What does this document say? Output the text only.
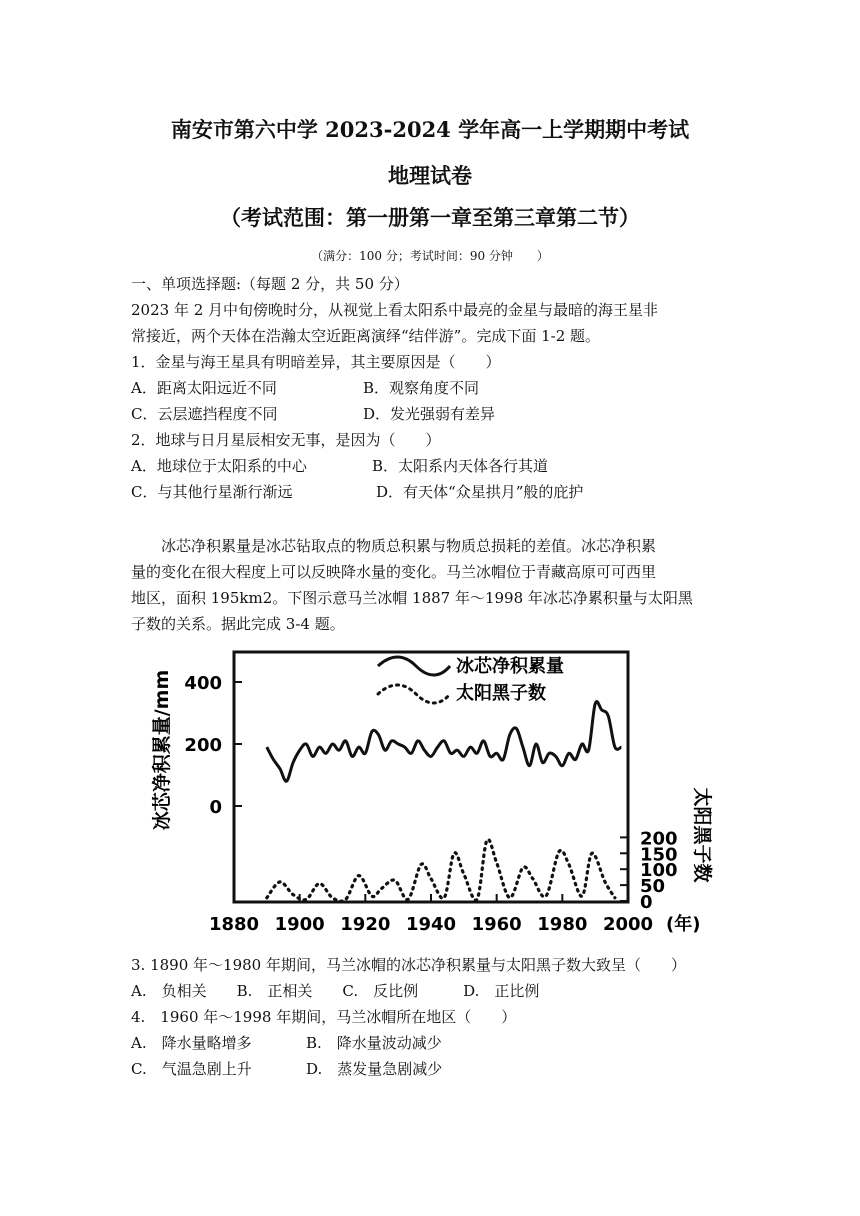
南安市第六中学 2023-2024 学年高一上学期期中考试
地理试卷
（考试范围：第一册第一章至第三章第二节）
（满分：100 分；考试时间：90 分钟　　）
一、单项选择题:（每题 2 分，共 50 分）
2023 年 2 月中旬傍晚时分，从视觉上看太阳系中最亮的金星与最暗的海王星非
常接近，两个天体在浩瀚太空近距离演绎“结伴游”。完成下面 1-2 题。
1．金星与海王星具有明暗差异，其主要原因是（　　）
A．距离太阳远近不同	B．观察角度不同
C．云层遮挡程度不同	D．发光强弱有差异
2．地球与日月星辰相安无事，是因为（　　）
A．地球位于太阳系的中心	B．太阳系内天体各行其道
C．与其他行星渐行渐远	D．有天体“众星拱月”般的庇护
　　冰芯净积累量是冰芯钻取点的物质总积累与物质总损耗的差值。冰芯净积累
量的变化在很大程度上可以反映降水量的变化。马兰冰帽位于青藏高原可可西里
地区，面积 195km2。下图示意马兰冰帽 1887 年～1998 年冰芯净累积量与太阳黑
子数的关系。据此完成 3-4 题。
0
200
400
0
50
100
150
200
1880 1900 1920 1940 1960 1980 2000
冰芯净积累量/mm
太阳黑子数
(年)
冰芯净积累量
太阳黑子数
3. 1890 年～1980 年期间，马兰冰帽的冰芯净积累量与太阳黑子数大致呈（　　）
A.　负相关　　B.　正相关　　C.　反比例　　　D.　正比例
4.　1960 年～1998 年期间，马兰冰帽所在地区（　　）
A.　降水量略增多	B.　降水量波动减少
C.　气温急剧上升	D.　蒸发量急剧减少
